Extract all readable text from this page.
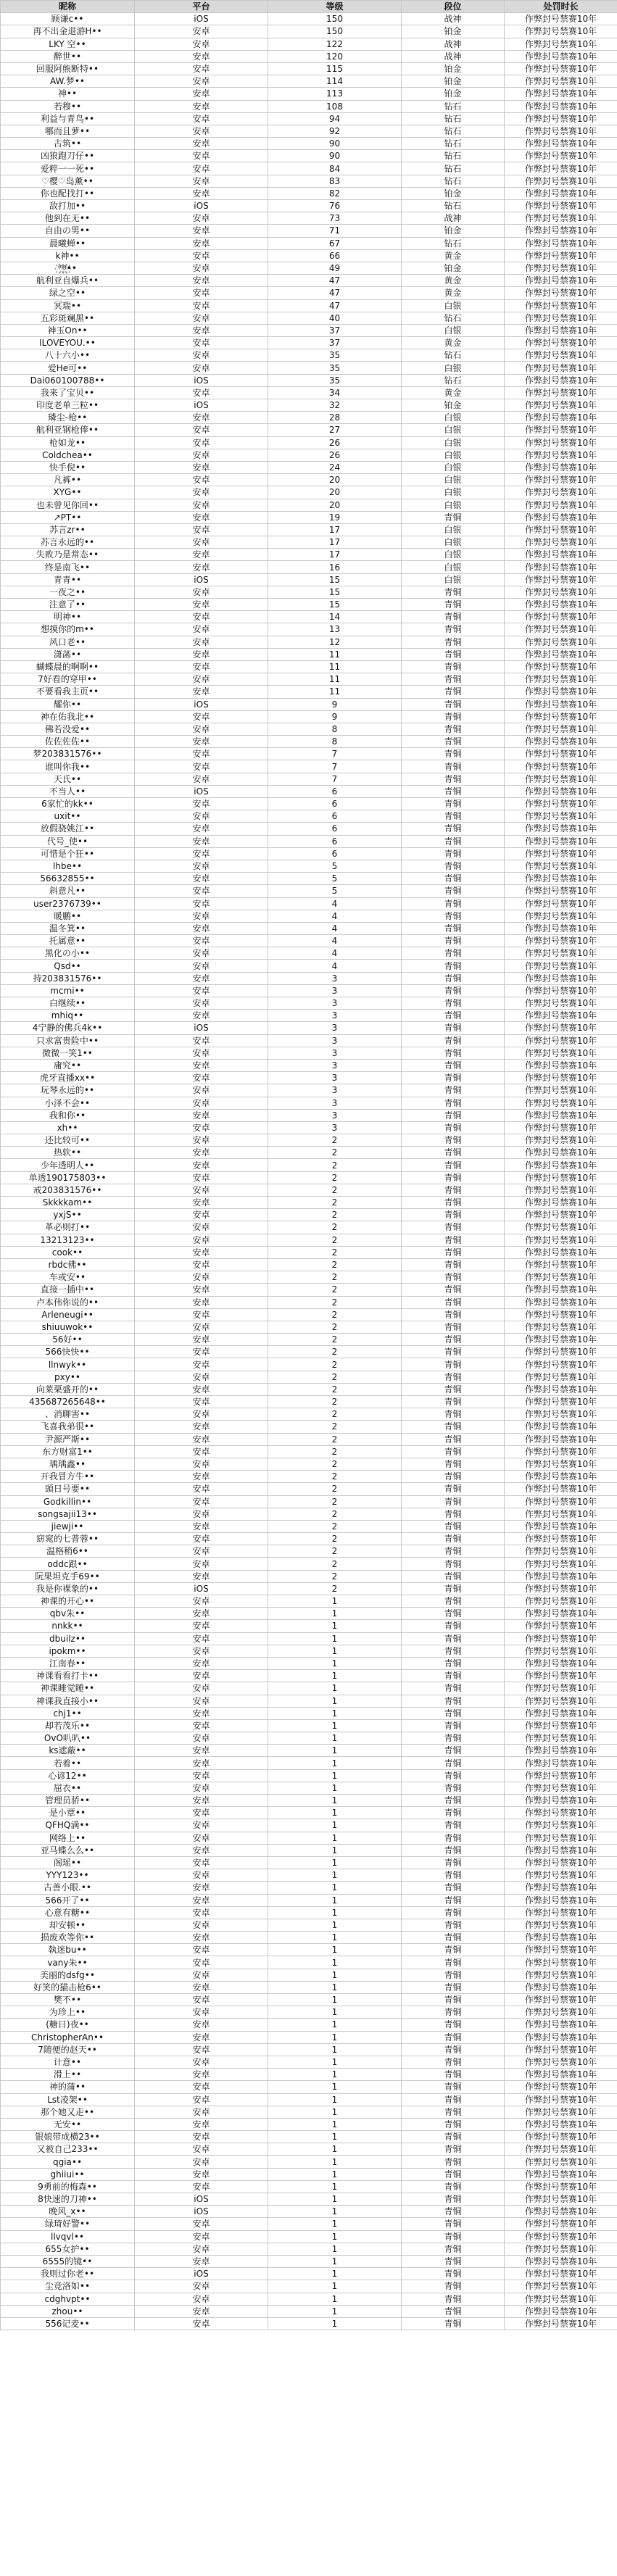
昵称	平台	等级	段位	处罚时长
顾谦c••	iOS	150	战神	作弊封号禁赛10年
再不出金退游H••	安卓	150	铂金	作弊封号禁赛10年
LKY 空••	安卓	122	战神	作弊封号禁赛10年
醉世••	安卓	120	战神	作弊封号禁赛10年
回服阿熊断特••	安卓	115	铂金	作弊封号禁赛10年
AW.梦••	安卓	114	铂金	作弊封号禁赛10年
神••	安卓	113	铂金	作弊封号禁赛10年
若穆••	安卓	108	钻石	作弊封号禁赛10年
利益与青鸟••	安卓	94	钻石	作弊封号禁赛10年
哪而且萝••	安卓	92	钻石	作弊封号禁赛10年
古筑••	安卓	90	钻石	作弊封号禁赛10年
凶狼跑刀仔••	安卓	90	钻石	作弊封号禁赛10年
爱粹一一死••	安卓	84	钻石	作弊封号禁赛10年
♡樱♡岛薰••	安卓	83	钻石	作弊封号禁赛10年
你也配找打••	安卓	82	铂金	作弊封号禁赛10年
敌打加••	iOS	76	钻石	作弊封号禁赛10年
他到在无••	安卓	73	战神	作弊封号禁赛10年
自由の男••	安卓	71	铂金	作弊封号禁赛10年
晨曦蝉••	安卓	67	钻石	作弊封号禁赛10年
k神••	安卓	66	黄金	作弊封号禁赛10年
ⁱ꙰ⁿ꙰ᵍ꙰••	安卓	49	铂金	作弊封号禁赛10年
航利亚自爆兵••	安卓	47	黄金	作弊封号禁赛10年
绿之空••	安卓	47	黄金	作弊封号禁赛10年
冥瑞••	安卓	47	白银	作弊封号禁赛10年
五彩斑斓黑••	安卓	40	钻石	作弊封号禁赛10年
神玉On••	安卓	37	白银	作弊封号禁赛10年
ILOVEYOU.••	安卓	37	黄金	作弊封号禁赛10年
八十六小••	安卓	35	钻石	作弊封号禁赛10年
爱He可••	安卓	35	白银	作弊封号禁赛10年
Dai060100788••	iOS	35	钻石	作弊封号禁赛10年
我来了宝贝••	安卓	34	黄金	作弊封号禁赛10年
印度老单三粒••	iOS	32	铂金	作弊封号禁赛10年
璘尘-枪••	安卓	28	白银	作弊封号禁赛10年
航利亚钢枪俸••	安卓	27	白银	作弊封号禁赛10年
枪如龙••	安卓	26	白银	作弊封号禁赛10年
Coldchea••	安卓	26	白银	作弊封号禁赛10年
快手倪••	安卓	24	白银	作弊封号禁赛10年
凡裤••	安卓	20	白银	作弊封号禁赛10年
XYG••	安卓	20	白银	作弊封号禁赛10年
也未曾见你回••	安卓	20	白银	作弊封号禁赛10年
↗PT••	安卓	19	青铜	作弊封号禁赛10年
苏言zr••	安卓	17	白银	作弊封号禁赛10年
苏言永远的••	安卓	17	白银	作弊封号禁赛10年
失败乃是常态••	安卓	17	白银	作弊封号禁赛10年
终是南飞••	安卓	16	白银	作弊封号禁赛10年
青青••	iOS	15	白银	作弊封号禁赛10年
一夜之••	安卓	15	青铜	作弊封号禁赛10年
注意了••	安卓	15	青铜	作弊封号禁赛10年
明神••	安卓	14	青铜	作弊封号禁赛10年
想摸你的m••	安卓	13	青铜	作弊封号禁赛10年
风口老••	安卓	12	青铜	作弊封号禁赛10年
潇菡••	安卓	11	青铜	作弊封号禁赛10年
蝴蝶晨的啊啊••	安卓	11	青铜	作弊封号禁赛10年
7好看的穿甲••	安卓	11	青铜	作弊封号禁赛10年
不要看我主页••	安卓	11	青铜	作弊封号禁赛10年
耀你••	iOS	9	青铜	作弊封号禁赛10年
神在佑我北••	安卓	9	青铜	作弊封号禁赛10年
佛若没爱••	安卓	8	青铜	作弊封号禁赛10年
佐佐佐佐••	安卓	8	青铜	作弊封号禁赛10年
梦203831576••	安卓	7	青铜	作弊封号禁赛10年
谁叫你我••	安卓	7	青铜	作弊封号禁赛10年
天氏••	安卓	7	青铜	作弊封号禁赛10年
不当人••	iOS	6	青铜	作弊封号禁赛10年
6家忙的kk••	安卓	6	青铜	作弊封号禁赛10年
uxit••	安卓	6	青铜	作弊封号禁赛10年
放假骁姚江••	安卓	6	青铜	作弊封号禁赛10年
代号_使••	安卓	6	青铜	作弊封号禁赛10年
可惜是个狂••	安卓	6	青铜	作弊封号禁赛10年
lhbe••	安卓	5	青铜	作弊封号禁赛10年
56632855••	安卓	5	青铜	作弊封号禁赛10年
斜意凡••	安卓	5	青铜	作弊封号禁赛10年
user2376739••	安卓	4	青铜	作弊封号禁赛10年
暖鹏••	安卓	4	青铜	作弊封号禁赛10年
温冬箕••	安卓	4	青铜	作弊封号禁赛10年
托属意••	安卓	4	青铜	作弊封号禁赛10年
黑化の小••	安卓	4	青铜	作弊封号禁赛10年
Qsd••	安卓	4	青铜	作弊封号禁赛10年
持203831576••	安卓	3	青铜	作弊封号禁赛10年
mcmi••	安卓	3	青铜	作弊封号禁赛10年
白继续••	安卓	3	青铜	作弊封号禁赛10年
mhiq••	安卓	3	青铜	作弊封号禁赛10年
4宁静的佛兵4k••	iOS	3	青铜	作弊封号禁赛10年
只求富贵险中••	安卓	3	青铜	作弊封号禁赛10年
微微一笑1••	安卓	3	青铜	作弊封号禁赛10年
庸究••	安卓	3	青铜	作弊封号禁赛10年
虎牙直播xx••	安卓	3	青铜	作弊封号禁赛10年
玩琴永远的••	安卓	3	青铜	作弊封号禁赛10年
小泽不会••	安卓	3	青铜	作弊封号禁赛10年
我和你••	安卓	3	青铜	作弊封号禁赛10年
xh••	安卓	3	青铜	作弊封号禁赛10年
还比较可••	安卓	2	青铜	作弊封号禁赛10年
热软••	安卓	2	青铜	作弊封号禁赛10年
少年透明人••	安卓	2	青铜	作弊封号禁赛10年
单透190175803••	安卓	2	青铜	作弊封号禁赛10年
戒203831576••	安卓	2	青铜	作弊封号禁赛10年
Skkkkam••	安卓	2	青铜	作弊封号禁赛10年
yxjS••	安卓	2	青铜	作弊封号禁赛10年
革必则打••	安卓	2	青铜	作弊封号禁赛10年
13213123••	安卓	2	青铜	作弊封号禁赛10年
cook••	安卓	2	青铜	作弊封号禁赛10年
rbdc佛••	安卓	2	青铜	作弊封号禁赛10年
车或安••	安卓	2	青铜	作弊封号禁赛10年
直接一插中••	安卓	2	青铜	作弊封号禁赛10年
卢本伟你说的••	安卓	2	青铜	作弊封号禁赛10年
Arleneugi••	安卓	2	青铜	作弊封号禁赛10年
shiuuwok••	安卓	2	青铜	作弊封号禁赛10年
56好••	安卓	2	青铜	作弊封号禁赛10年
566快快••	安卓	2	青铜	作弊封号禁赛10年
llnwyk••	安卓	2	青铜	作弊封号禁赛10年
pxy••	安卓	2	青铜	作弊封号禁赛10年
向莱栗盛开的••	安卓	2	青铜	作弊封号禁赛10年
435687265648••	安卓	2	青铜	作弊封号禁赛10年
、消聊害••	安卓	2	青铜	作弊封号禁赛10年
飞喜我弟很••	安卓	2	青铜	作弊封号禁赛10年
尹源严斯••	安卓	2	青铜	作弊封号禁赛10年
东方财富1••	安卓	2	青铜	作弊封号禁赛10年
瑀瑀鑫••	安卓	2	青铜	作弊封号禁赛10年
开我冒方牛••	安卓	2	青铜	作弊封号禁赛10年
頭日号要••	安卓	2	青铜	作弊封号禁赛10年
Godkillin••	安卓	2	青铜	作弊封号禁赛10年
songsajii13••	安卓	2	青铜	作弊封号禁赛10年
jiewji••	安卓	2	青铜	作弊封号禁赛10年
窈窕的七普蓉••	安卓	2	青铜	作弊封号禁赛10年
温格稍6••	安卓	2	青铜	作弊封号禁赛10年
oddc跟••	安卓	2	青铜	作弊封号禁赛10年
阮果坦克手69••	安卓	2	青铜	作弊封号禁赛10年
我是你裸象的••	iOS	2	青铜	作弊封号禁赛10年
神课的开心••	安卓	1	青铜	作弊封号禁赛10年
qbv朱••	安卓	1	青铜	作弊封号禁赛10年
nnkk••	安卓	1	青铜	作弊封号禁赛10年
dbuilz••	安卓	1	青铜	作弊封号禁赛10年
ipokm••	安卓	1	青铜	作弊封号禁赛10年
江南春••	安卓	1	青铜	作弊封号禁赛10年
神课看看打卡••	安卓	1	青铜	作弊封号禁赛10年
神课睡觉睡••	安卓	1	青铜	作弊封号禁赛10年
神课我直接小••	安卓	1	青铜	作弊封号禁赛10年
chj1••	安卓	1	青铜	作弊封号禁赛10年
却若茂乐••	安卓	1	青铜	作弊封号禁赛10年
OvO叭叭••	安卓	1	青铜	作弊封号禁赛10年
ks遮蔽••	安卓	1	青铜	作弊封号禁赛10年
若着••	安卓	1	青铜	作弊封号禁赛10年
心谚12••	安卓	1	青铜	作弊封号禁赛10年
屈衣••	安卓	1	青铜	作弊封号禁赛10年
管理员骄••	安卓	1	青铜	作弊封号禁赛10年
是小覃••	安卓	1	青铜	作弊封号禁赛10年
QFHQ满••	安卓	1	青铜	作弊封号禁赛10年
网络上••	安卓	1	青铜	作弊封号禁赛10年
亚马蝶么么••	安卓	1	青铜	作弊封号禁赛10年
阁瑶••	安卓	1	青铜	作弊封号禁赛10年
YYY123••	安卓	1	青铜	作弊封号禁赛10年
古善小眼.••	安卓	1	青铜	作弊封号禁赛10年
566开了••	安卓	1	青铜	作弊封号禁赛10年
心意有糖••	安卓	1	青铜	作弊封号禁赛10年
却安顿••	安卓	1	青铜	作弊封号禁赛10年
损废欢等你••	安卓	1	青铜	作弊封号禁赛10年
執迷bu••	安卓	1	青铜	作弊封号禁赛10年
vany朱••	安卓	1	青铜	作弊封号禁赛10年
美丽的dsfg••	安卓	1	青铜	作弊封号禁赛10年
好笑的猫击枪6••	安卓	1	青铜	作弊封号禁赛10年
樊不••	安卓	1	青铜	作弊封号禁赛10年
为珍上••	安卓	1	青铜	作弊封号禁赛10年
(糖日)夜••	安卓	1	青铜	作弊封号禁赛10年
ChristopherAn••	安卓	1	青铜	作弊封号禁赛10年
7随便的赵天••	安卓	1	青铜	作弊封号禁赛10年
计意••	安卓	1	青铜	作弊封号禁赛10年
滑上••	安卓	1	青铜	作弊封号禁赛10年
神的蒲••	安卓	1	青铜	作弊封号禁赛10年
Lst凌架••	安卓	1	青铜	作弊封号禁赛10年
那个她又走••	安卓	1	青铜	作弊封号禁赛10年
无安••	安卓	1	青铜	作弊封号禁赛10年
银娘带成横23••	安卓	1	青铜	作弊封号禁赛10年
又被自己233••	安卓	1	青铜	作弊封号禁赛10年
qgia••	安卓	1	青铜	作弊封号禁赛10年
ghiiui••	安卓	1	青铜	作弊封号禁赛10年
9勇前的梅森••	安卓	1	青铜	作弊封号禁赛10年
8快速的刀神••	iOS	1	青铜	作弊封号禁赛10年
晚风_x••	iOS	1	青铜	作弊封号禁赛10年
绿琦好警••	安卓	1	青铜	作弊封号禁赛10年
llvqvl••	安卓	1	青铜	作弊封号禁赛10年
655女护••	安卓	1	青铜	作弊封号禁赛10年
6555的镜••	安卓	1	青铜	作弊封号禁赛10年
我则过你老••	iOS	1	青铜	作弊封号禁赛10年
尘竞洛如••	安卓	1	青铜	作弊封号禁赛10年
cdghvpt••	安卓	1	青铜	作弊封号禁赛10年
zhou••	安卓	1	青铜	作弊封号禁赛10年
556记麦••	安卓	1	青铜	作弊封号禁赛10年
